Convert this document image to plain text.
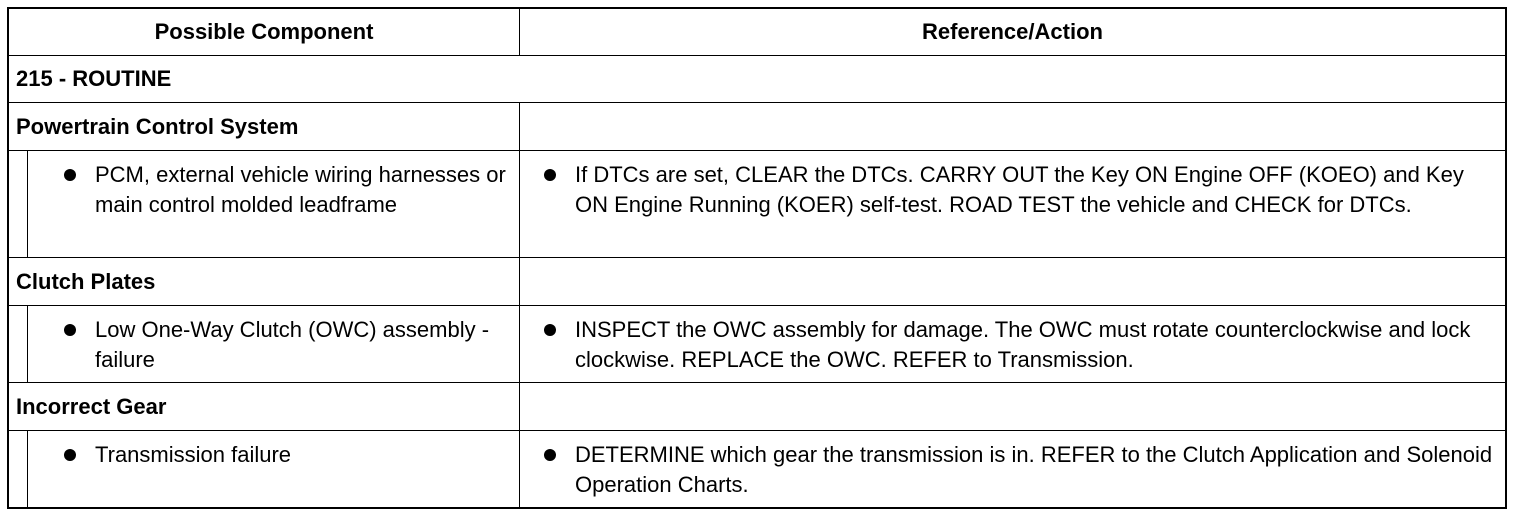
Possible Component	Reference/Action
215 - ROUTINE
Powertrain Control System
PCM, external vehicle wiring harnesses or main control molded leadframe
If DTCs are set, CLEAR the DTCs. CARRY OUT the Key ON Engine OFF (KOEO) and Key ON Engine Running (KOER) self-test. ROAD TEST the vehicle and CHECK for DTCs.
Clutch Plates
Low One-Way Clutch (OWC) assembly - failure
INSPECT the OWC assembly for damage. The OWC must rotate counterclockwise and lock clockwise. REPLACE the OWC. REFER to Transmission.
Incorrect Gear
Transmission failure	DETERMINE which gear the transmission is in. REFER to the Clutch Application and Solenoid Operation Charts.
